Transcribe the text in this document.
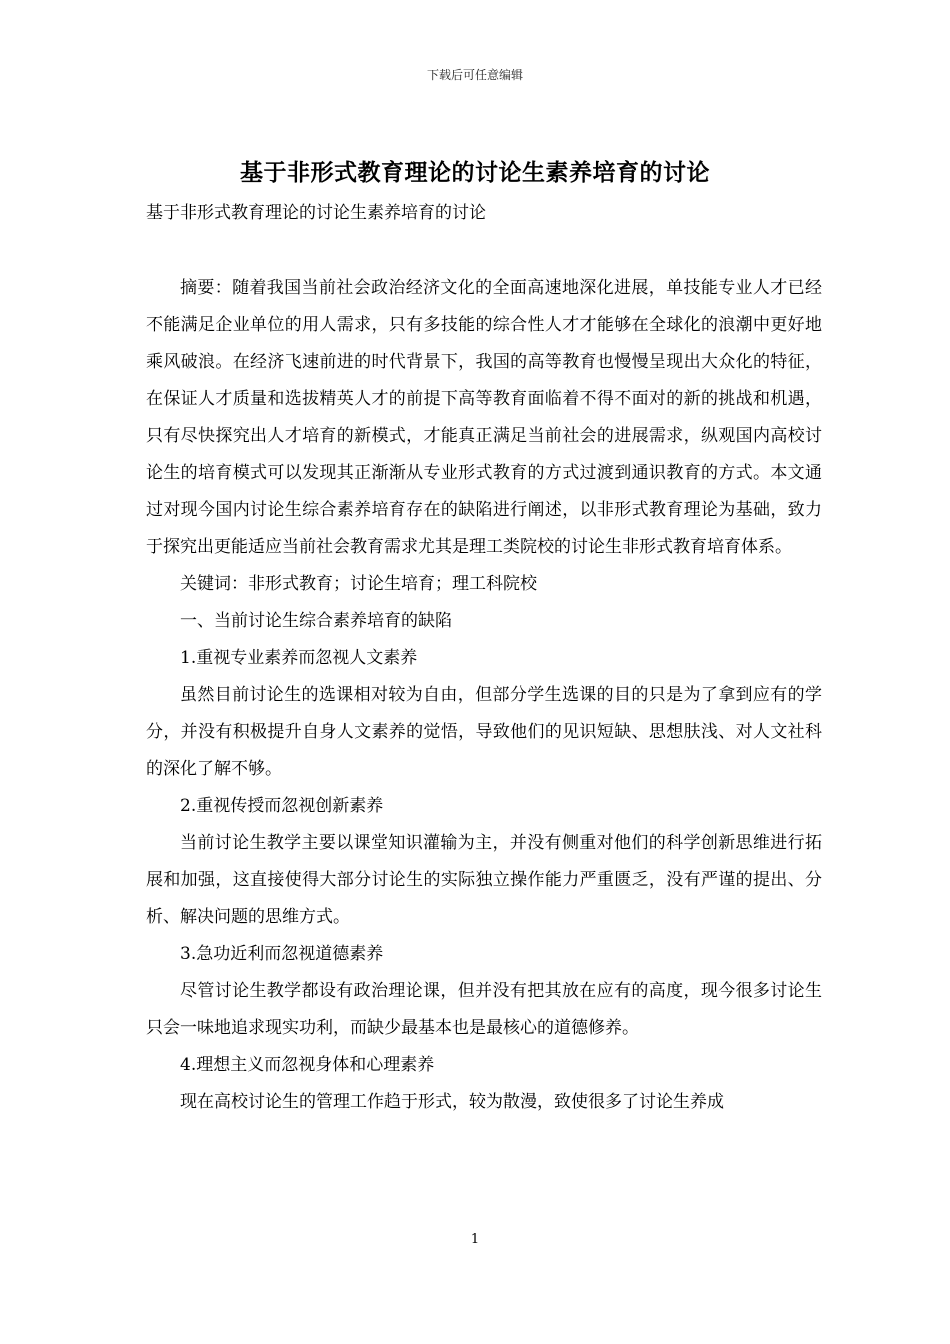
下载后可任意编辑
基于非形式教育理论的讨论生素养培育的讨论
基于非形式教育理论的讨论生素养培育的讨论

摘要：随着我国当前社会政治经济文化的全面高速地深化进展，单技能专业人才已经不能满足企业单位的用人需求，只有多技能的综合性人才才能够在全球化的浪潮中更好地乘风破浪。在经济飞速前进的时代背景下，我国的高等教育也慢慢呈现出大众化的特征，在保证人才质量和选拔精英人才的前提下高等教育面临着不得不面对的新的挑战和机遇，只有尽快探究出人才培育的新模式，才能真正满足当前社会的进展需求，纵观国内高校讨论生的培育模式可以发现其正渐渐从专业形式教育的方式过渡到通识教育的方式。本文通过对现今国内讨论生综合素养培育存在的缺陷进行阐述，以非形式教育理论为基础，致力于探究出更能适应当前社会教育需求尤其是理工类院校的讨论生非形式教育培育体系。

关键词：非形式教育；讨论生培育；理工科院校

一、当前讨论生综合素养培育的缺陷

1.重视专业素养而忽视人文素养

虽然目前讨论生的选课相对较为自由，但部分学生选课的目的只是为了拿到应有的学分，并没有积极提升自身人文素养的觉悟，导致他们的见识短缺、思想肤浅、对人文社科的深化了解不够。

2.重视传授而忽视创新素养

当前讨论生教学主要以课堂知识灌输为主，并没有侧重对他们的科学创新思维进行拓展和加强，这直接使得大部分讨论生的实际独立操作能力严重匮乏，没有严谨的提出、分析、解决问题的思维方式。

3.急功近利而忽视道德素养

尽管讨论生教学都设有政治理论课，但并没有把其放在应有的高度，现今很多讨论生只会一味地追求现实功利，而缺少最基本也是最核心的道德修养。

4.理想主义而忽视身体和心理素养

现在高校讨论生的管理工作趋于形式，较为散漫，致使很多了讨论生养成

1
